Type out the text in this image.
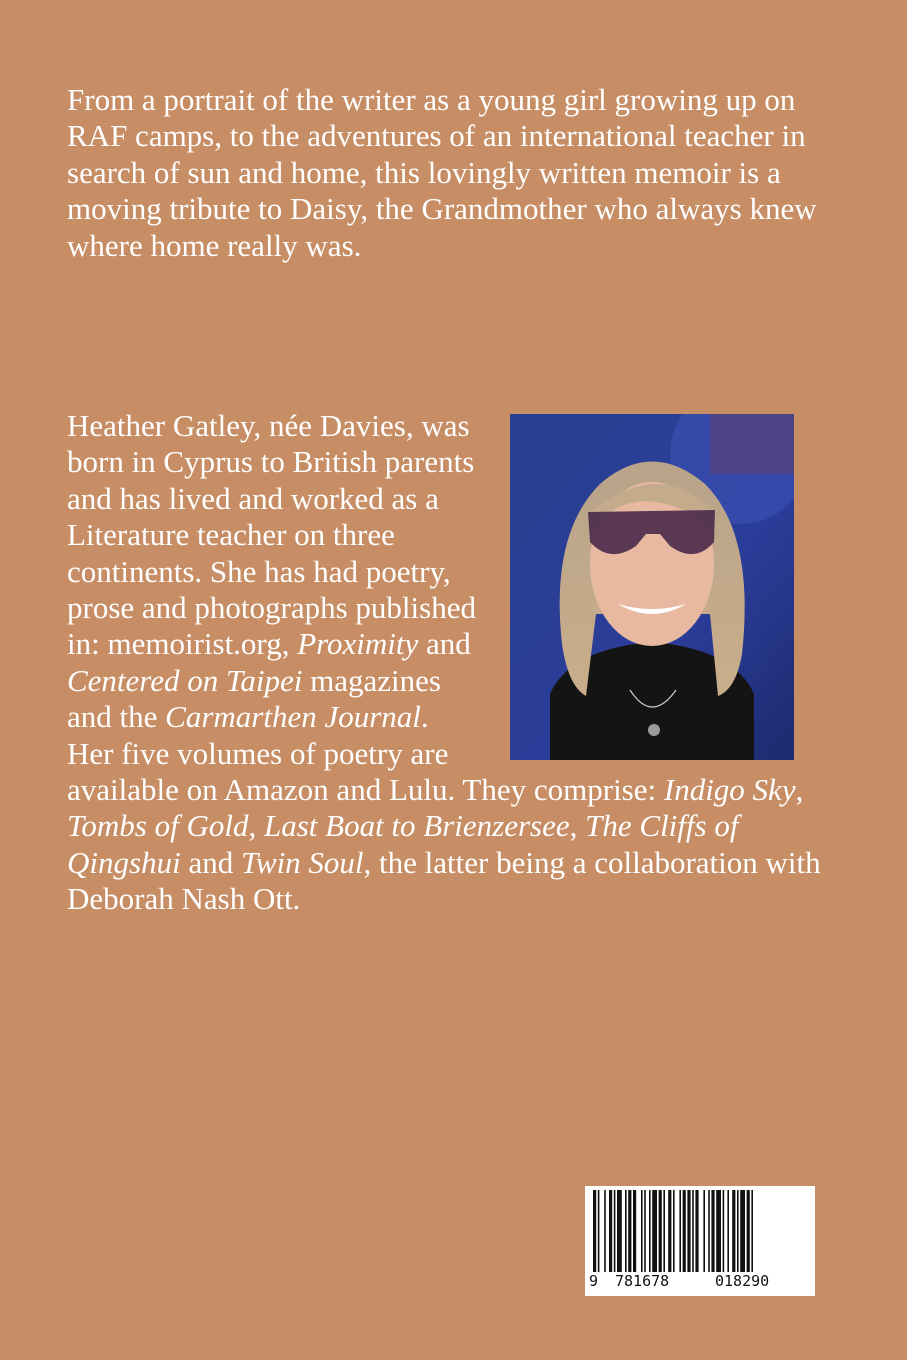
From a portrait of the writer as a young girl growing up on RAF camps, to the adventures of an international teacher in search of sun and home, this lovingly written memoir is a moving tribute to Daisy, the Grandmother who always knew where home really was.

Heather Gatley, née Davies, was born in Cyprus to British parents and has lived and worked as a Literature teacher on three continents. She has had poetry, prose and photographs published in: memoirist.org, Proximity and Centered on Taipei magazines and the Carmarthen Journal. Her five volumes of poetry are available on Amazon and Lulu. They comprise: Indigo Sky, Tombs of Gold, Last Boat to Brienzersee, The Cliffs of Qingshui and Twin Soul, the latter being a collaboration with Deborah Nash Ott.

9 781678	018290
